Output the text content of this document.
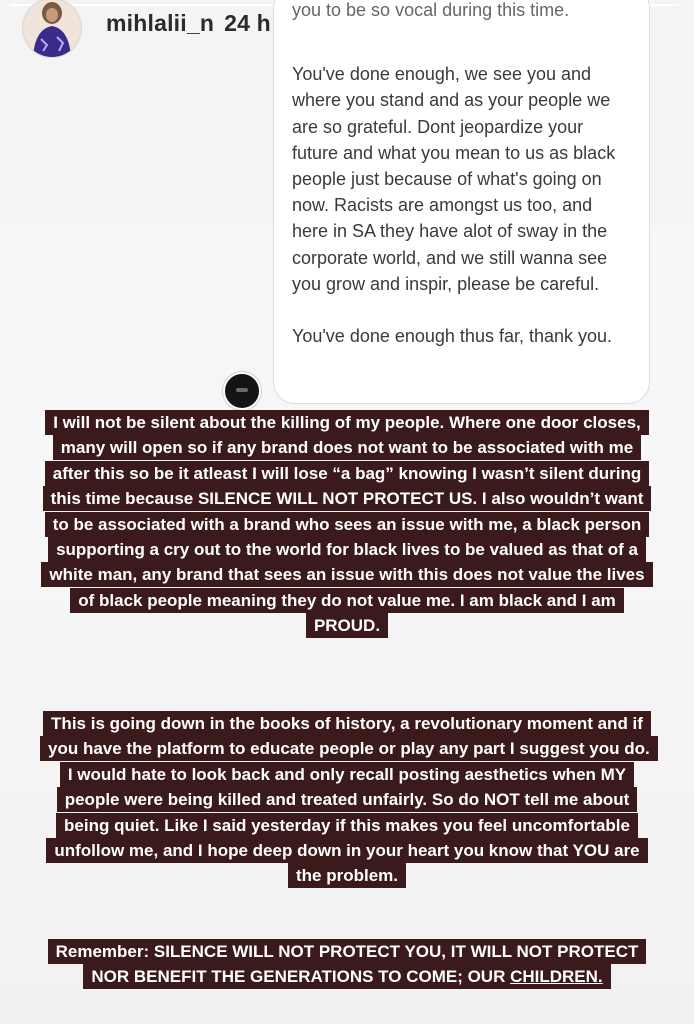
mihlalii_n 24 h you to be so vocal during this time.

You've done enough, we see you and where you stand and as your people we are so grateful. Dont jeopardize your future and what you mean to us as black people just because of what's going on now. Racists are amongst us too, and here in SA they have alot of sway in the corporate world, and we still wanna see you grow and inspir, please be careful.

You've done enough thus far, thank you.

I will not be silent about the killing of my people. Where one door closes, many will open so if any brand does not want to be associated with me after this so be it atleast I will lose “a bag” knowing I wasn’t silent during this time because SILENCE WILL NOT PROTECT US. I also wouldn’t want to be associated with a brand who sees an issue with me, a black person supporting a cry out to the world for black lives to be valued as that of a white man, any brand that sees an issue with this does not value the lives of black people meaning they do not value me. I am black and I am PROUD.
This is going down in the books of history, a revolutionary moment and if you have the platform to educate people or play any part I suggest you do. I would hate to look back and only recall posting aesthetics when MY people were being killed and treated unfairly. So do NOT tell me about being quiet. Like I said yesterday if this makes you feel uncomfortable unfollow me, and I hope deep down in your heart you know that YOU are the problem.
Remember: SILENCE WILL NOT PROTECT YOU, IT WILL NOT PROTECT NOR BENEFIT THE GENERATIONS TO COME; OUR CHILDREN.
